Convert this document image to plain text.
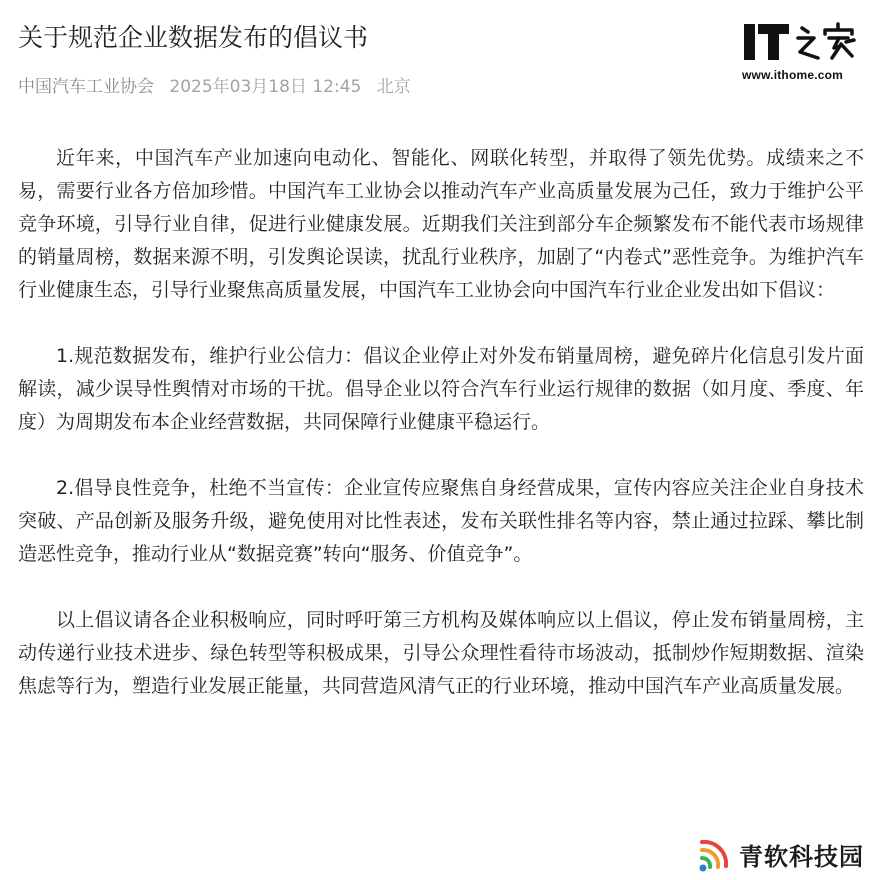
关于规范企业数据发布的倡议书
中国汽车工业协会 2025年03月18日 12:45 北京
www.ithome.com

近年来，中国汽车产业加速向电动化、智能化、网联化转型，并取得了领先优势。成绩来之不易，需要行业各方倍加珍惜。中国汽车工业协会以推动汽车产业高质量发展为己任，致力于维护公平竞争环境，引导行业自律，促进行业健康发展。近期我们关注到部分车企频繁发布不能代表市场规律的销量周榜，数据来源不明，引发舆论误读，扰乱行业秩序，加剧了“内卷式”恶性竞争。为维护汽车行业健康生态，引导行业聚焦高质量发展，中国汽车工业协会向中国汽车行业企业发出如下倡议：

1.规范数据发布，维护行业公信力：倡议企业停止对外发布销量周榜，避免碎片化信息引发片面解读，减少误导性舆情对市场的干扰。倡导企业以符合汽车行业运行规律的数据（如月度、季度、年度）为周期发布本企业经营数据，共同保障行业健康平稳运行。

2.倡导良性竞争，杜绝不当宣传：企业宣传应聚焦自身经营成果，宣传内容应关注企业自身技术突破、产品创新及服务升级，避免使用对比性表述，发布关联性排名等内容，禁止通过拉踩、攀比制造恶性竞争，推动行业从“数据竞赛”转向“服务、价值竞争”。

以上倡议请各企业积极响应，同时呼吁第三方机构及媒体响应以上倡议，停止发布销量周榜，主动传递行业技术进步、绿色转型等积极成果，引导公众理性看待市场波动，抵制炒作短期数据、渲染焦虑等行为，塑造行业发展正能量，共同营造风清气正的行业环境，推动中国汽车产业高质量发展。

青软科技园
